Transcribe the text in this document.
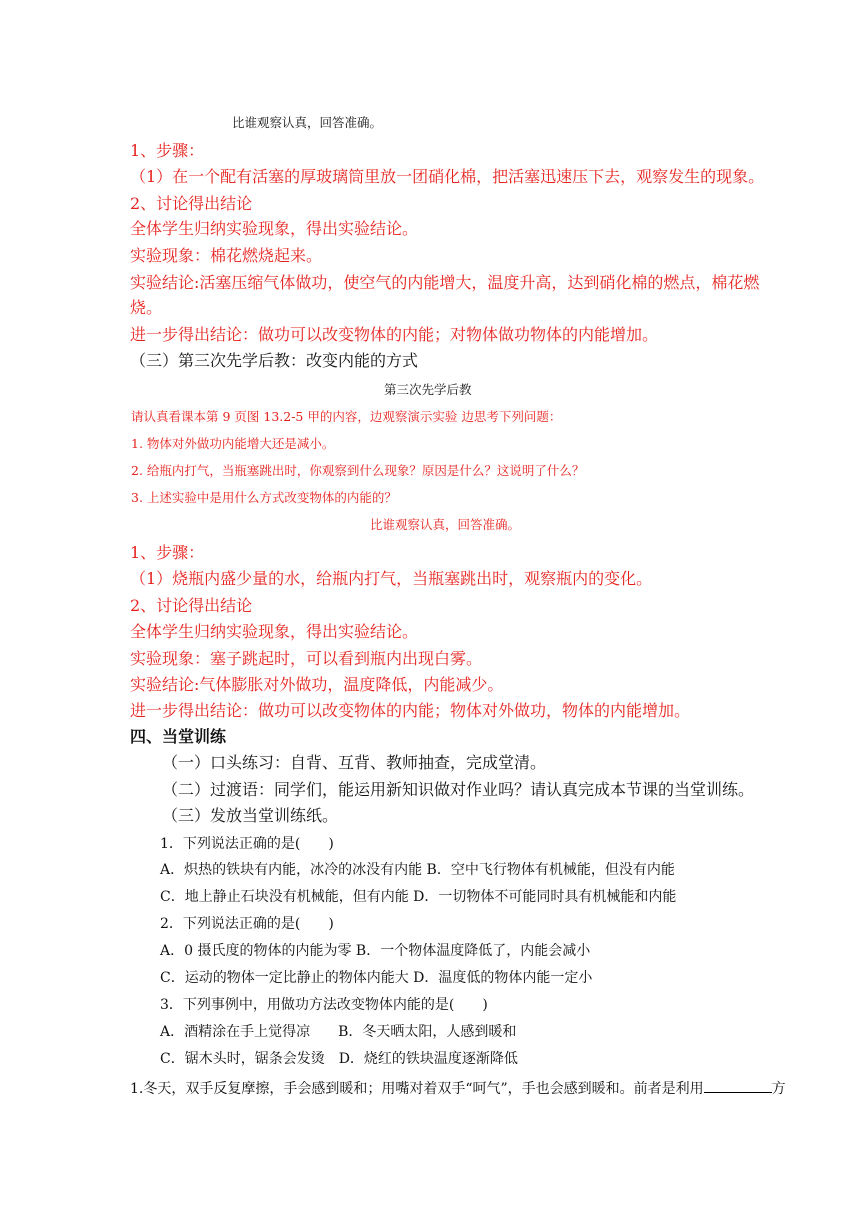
比谁观察认真，回答准确。
1、步骤：
（1）在一个配有活塞的厚玻璃筒里放一团硝化棉，把活塞迅速压下去，观察发生的现象。
2、讨论得出结论
全体学生归纳实验现象，得出实验结论。
实验现象：棉花燃烧起来。
实验结论:活塞压缩气体做功，使空气的内能增大，温度升高，达到硝化棉的燃点，棉花燃
烧。
进一步得出结论：做功可以改变物体的内能；对物体做功物体的内能增加。
（三）第三次先学后教：改变内能的方式
第三次先学后教
请认真看课本第 9 页图 13.2-5 甲的内容，边观察演示实验 边思考下列问题：
1. 物体对外做功内能增大还是减小。
2. 给瓶内打气，当瓶塞跳出时，你观察到什么现象？原因是什么？这说明了什么？
3. 上述实验中是用什么方式改变物体的内能的？
比谁观察认真，回答准确。
1、步骤：
（1）烧瓶内盛少量的水，给瓶内打气，当瓶塞跳出时，观察瓶内的变化。
2、讨论得出结论
全体学生归纳实验现象，得出实验结论。
实验现象：塞子跳起时，可以看到瓶内出现白雾。
实验结论:气体膨胀对外做功，温度降低，内能减少。
进一步得出结论：做功可以改变物体的内能；物体对外做功，物体的内能增加。
四、当堂训练
（一）口头练习：自背、互背、教师抽查，完成堂清。
（二）过渡语：同学们，能运用新知识做对作业吗？请认真完成本节课的当堂训练。
（三）发放当堂训练纸。
1．下列说法正确的是(　　)
A．炽热的铁块有内能，冰冷的冰没有内能 B．空中飞行物体有机械能，但没有内能
C．地上静止石块没有机械能，但有内能 D．一切物体不可能同时具有机械能和内能
2．下列说法正确的是(　　)
A．0 摄氏度的物体的内能为零 B．一个物体温度降低了，内能会减小
C．运动的物体一定比静止的物体内能大 D．温度低的物体内能一定小
3．下列事例中，用做功方法改变物体内能的是(　　)
A．酒精涂在手上觉得凉　　B．冬天晒太阳，人感到暖和
C．锯木头时，锯条会发烫　D．烧红的铁块温度逐渐降低
1.冬天，双手反复摩擦，手会感到暖和；用嘴对着双手“呵气”，手也会感到暖和。前者是利用	方
